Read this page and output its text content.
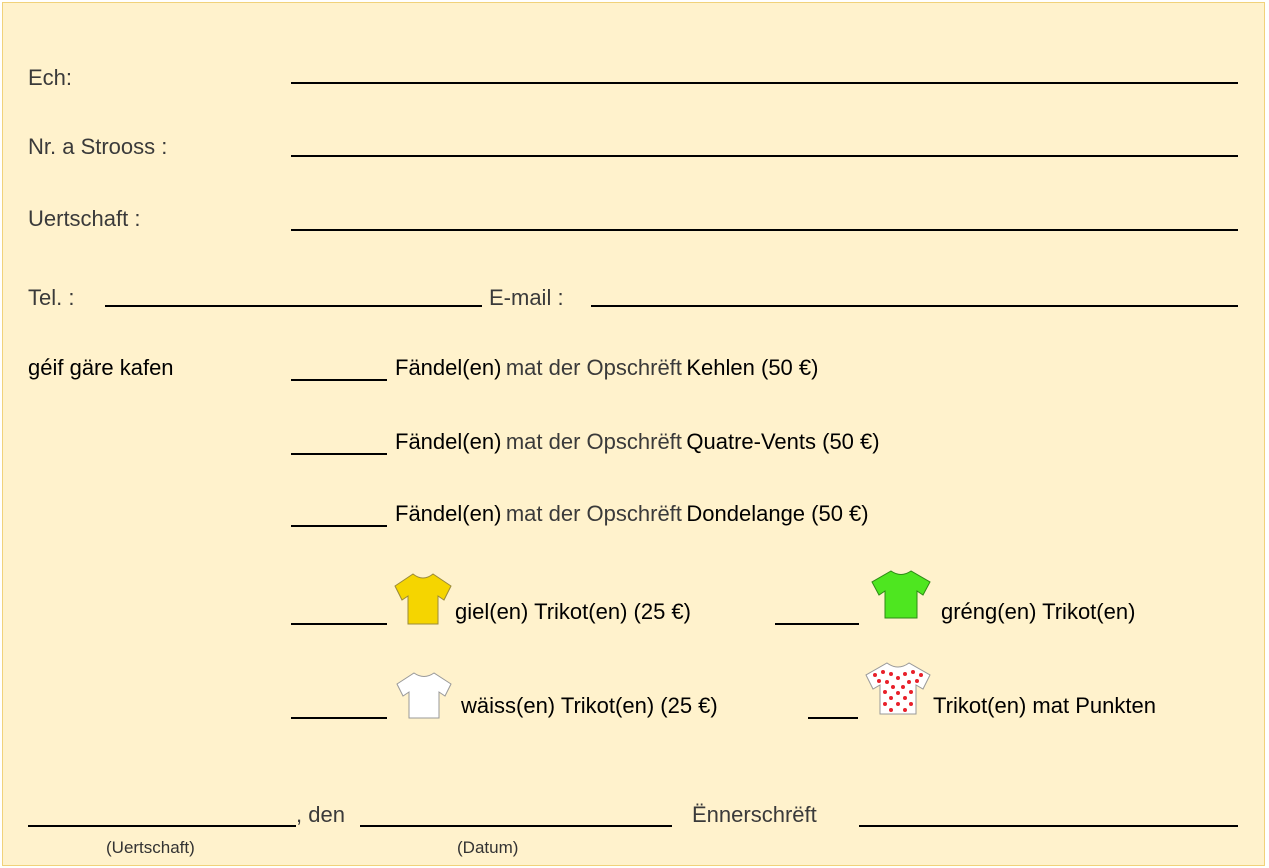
Ech:
Nr. a Strooss :
Uertschaft :
Tel. :	E-mail :
géif gäre kafen	Fändel(en) mat der Opschrëft Kehlen (50 €)
Fändel(en) mat der Opschrëft Quatre-Vents (50 €)
Fändel(en) mat der Opschrëft Dondelange (50 €)
giel(en) Trikot(en) (25 €)	gréng(en) Trikot(en)
wäiss(en) Trikot(en) (25 €)	Trikot(en) mat Punkten
, den	Ënnerschrëft
(Uertschaft)	(Datum)
